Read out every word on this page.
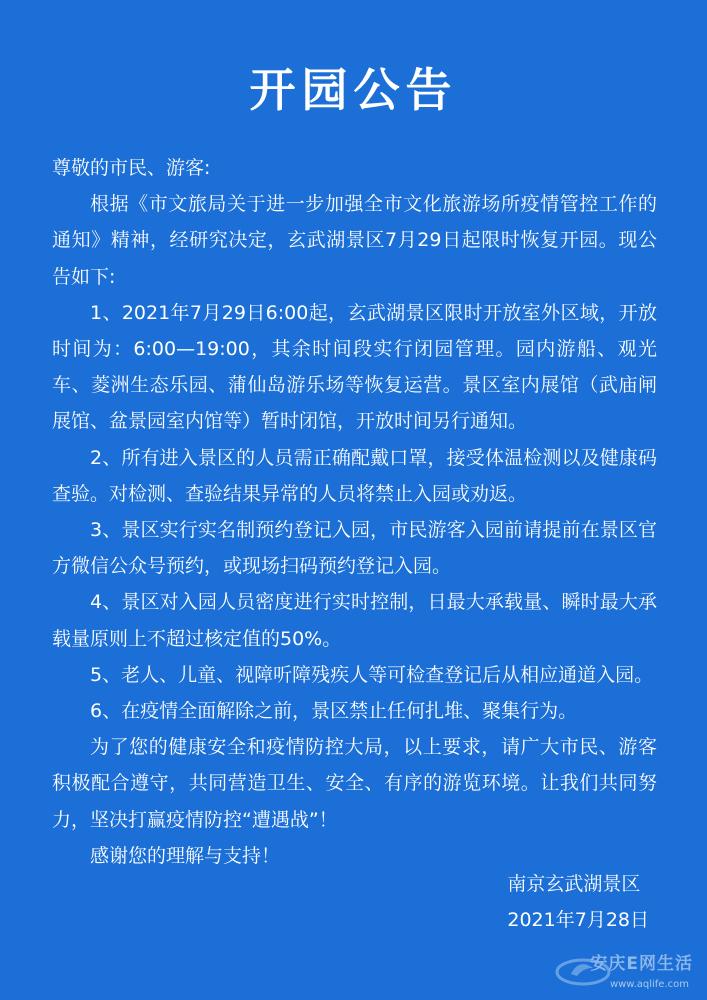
开园公告

尊敬的市民、游客:

根据《市文旅局关于进一步加强全市文化旅游场所疫情管控工作的通知》精神，经研究决定，玄武湖景区7月29日起限时恢复开园。现公告如下:

1、2021年7月29日6:00起，玄武湖景区限时开放室外区域，开放时间为：6:00—19:00，其余时间段实行闭园管理。园内游船、观光车、菱洲生态乐园、蒲仙岛游乐场等恢复运营。景区室内展馆（武庙闸展馆、盆景园室内馆等）暂时闭馆，开放时间另行通知。

2、所有进入景区的人员需正确配戴口罩，接受体温检测以及健康码查验。对检测、查验结果异常的人员将禁止入园或劝返。

3、景区实行实名制预约登记入园，市民游客入园前请提前在景区官方微信公众号预约，或现场扫码预约登记入园。

4、景区对入园人员密度进行实时控制，日最大承载量、瞬时最大承载量原则上不超过核定值的50%。

5、老人、儿童、视障听障残疾人等可检查登记后从相应通道入园。

6、在疫情全面解除之前，景区禁止任何扎堆、聚集行为。

为了您的健康安全和疫情防控大局，以上要求，请广大市民、游客积极配合遵守，共同营造卫生、安全、有序的游览环境。让我们共同努力，坚决打赢疫情防控“遭遇战”！

感谢您的理解与支持！

南京玄武湖景区
2021年7月28日
安庆E网生活
www.aqlife.com
